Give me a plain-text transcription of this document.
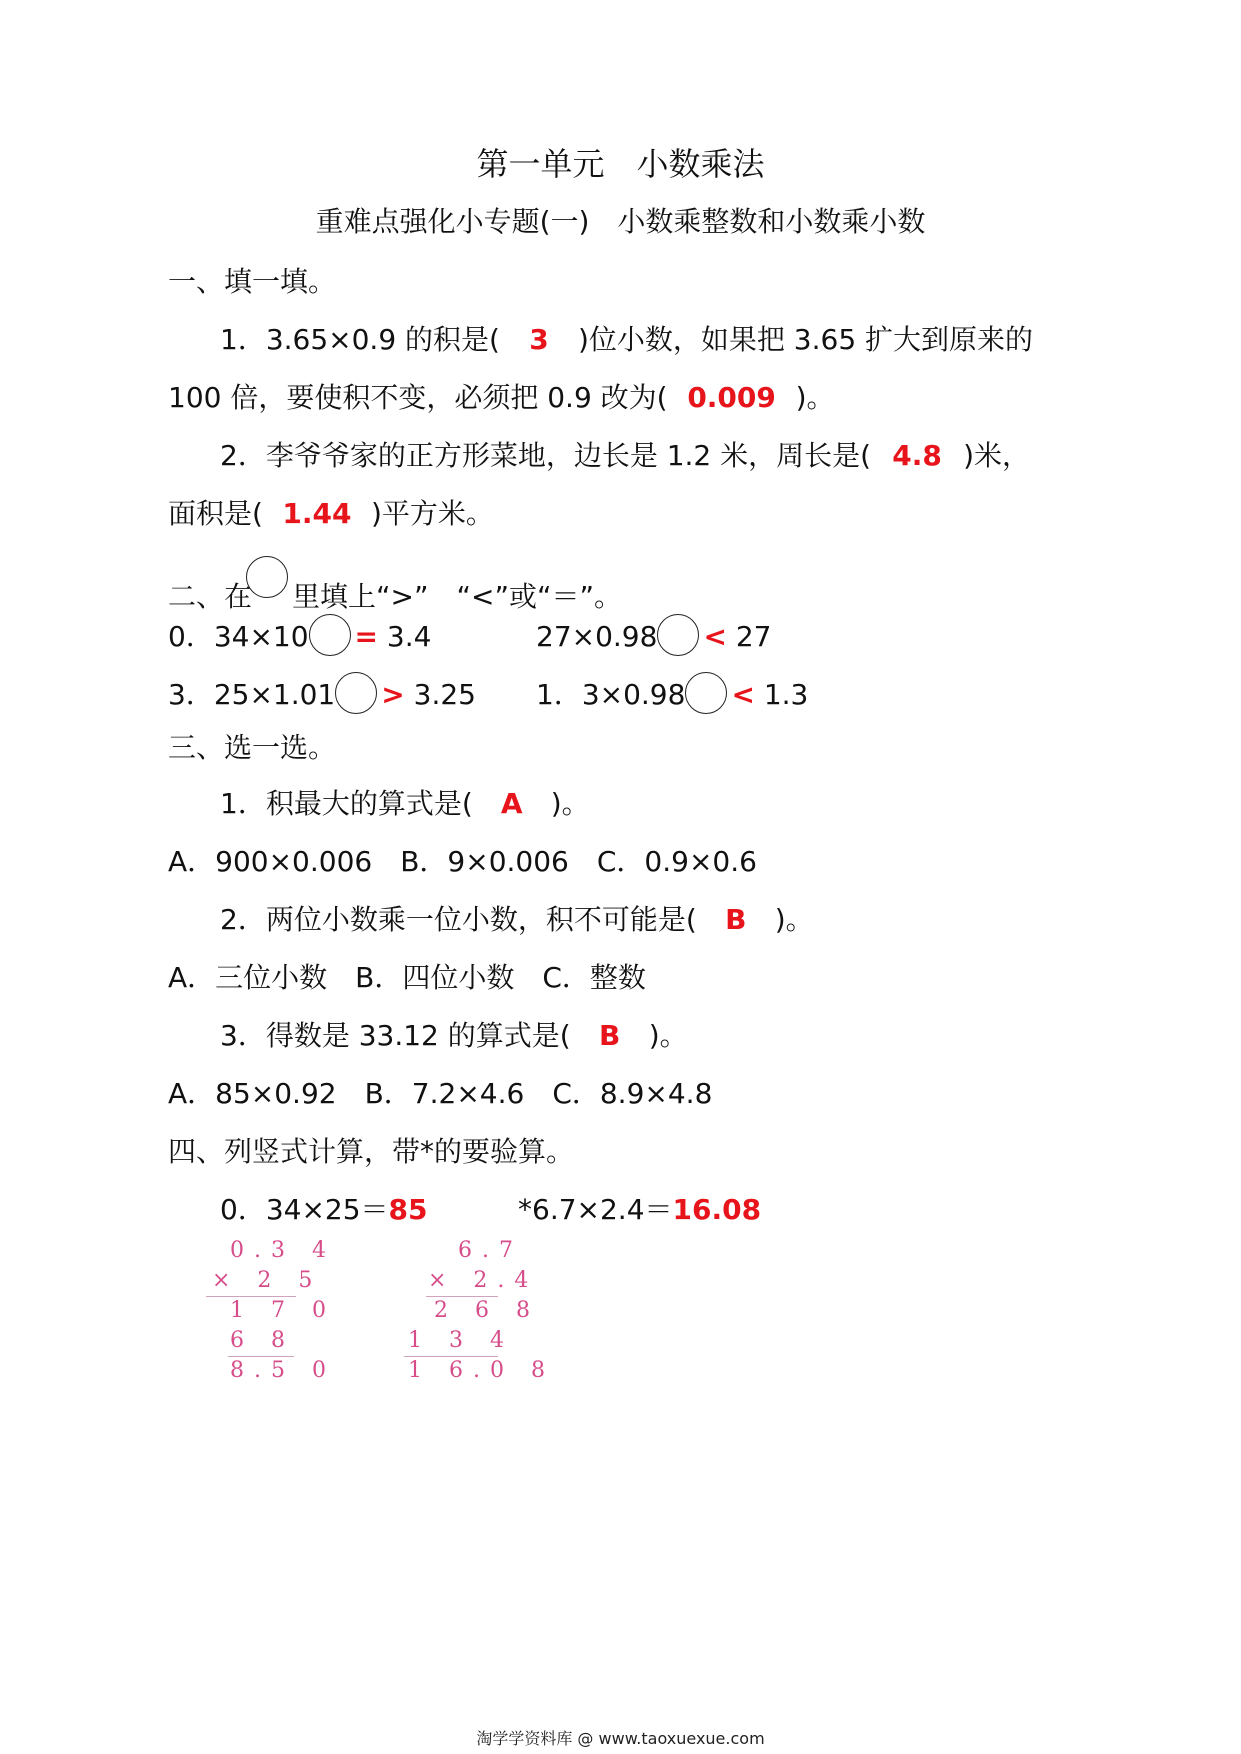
第一单元　小数乘法
重难点强化小专题(一)　小数乘整数和小数乘小数
一、填一填。
1．3.65×0.9 的积是( 3 )位小数，如果把 3.65 扩大到原来的
100 倍，要使积不变，必须把 0.9 改为( 0.009 )。
2．李爷爷家的正方形菜地，边长是 1.2 米，周长是( 4.8 )米，
面积是( 1.44 )平方米。
二、在 里填上“>”　“<”或“＝”。
0．34×10 = 3.4	27×0.98 < 27
3．25×1.01 > 3.25 1．3×0.98 < 1.3
三、选一选。
1．积最大的算式是( A )。
A．900×0.006　B．9×0.006　C．0.9×0.6
2．两位小数乘一位小数，积不可能是( B )。
A．三位小数　B．四位小数　C．整数
3．得数是 33.12 的算式是( B )。
A．85×0.92　B．7.2×4.6　C．8.9×4.8
四、列竖式计算，带*的要验算。
0．34×25＝85	*6.7×2.4＝16.08
0.3 4
× 2 5
1 7 0
6 8
8.5 0
6.7
× 2.4
2 6 8
1 3 4
1 6.0 8
淘学学资料库 @ www.taoxuexue.com
